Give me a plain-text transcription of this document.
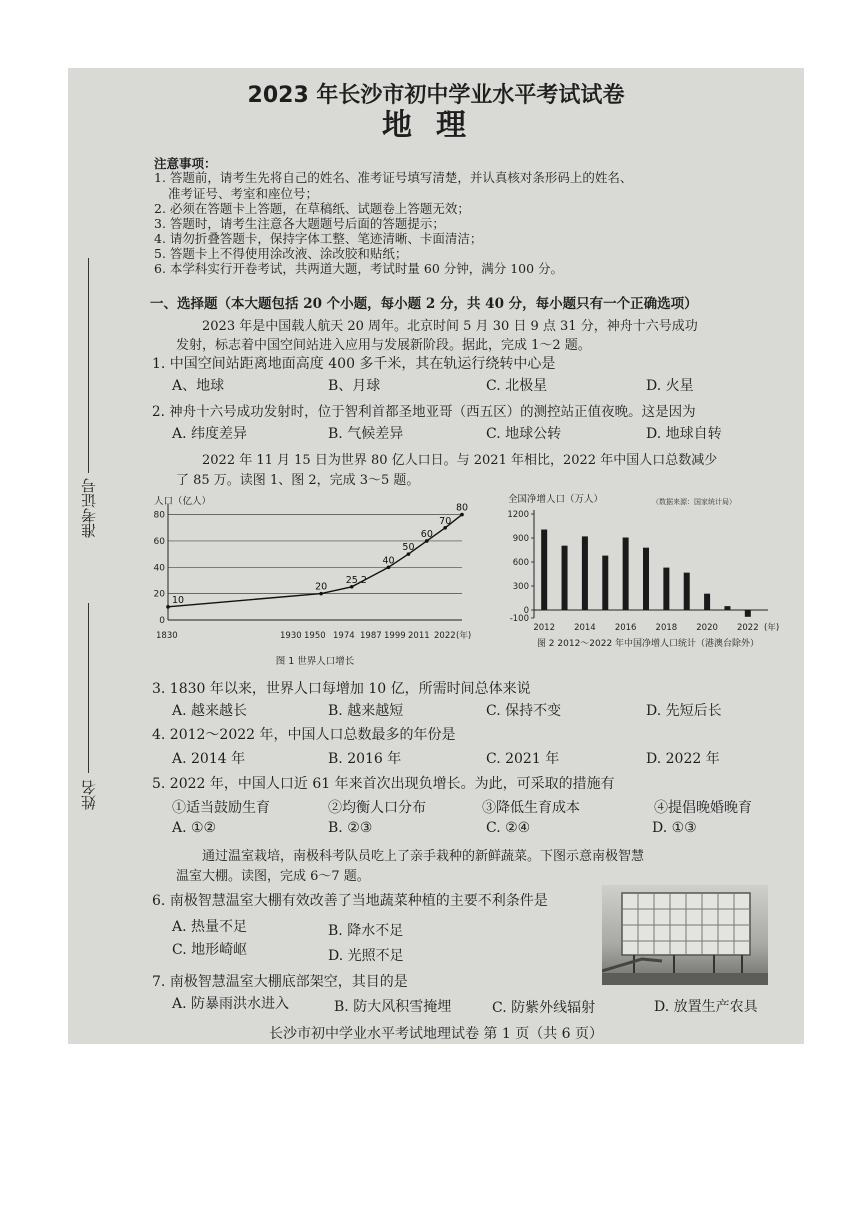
2023 年长沙市初中学业水平考试试卷
地理
准考证号
姓名
注意事项：
1. 答题前，请考生先将自己的姓名、准考证号填写清楚，并认真核对条形码上的姓名、
准考证号、考室和座位号；
2. 必须在答题卡上答题，在草稿纸、试题卷上答题无效；
3. 答题时，请考生注意各大题题号后面的答题提示；
4. 请勿折叠答题卡，保持字体工整、笔迹清晰、卡面清洁；
5. 答题卡上不得使用涂改液、涂改胶和贴纸；
6. 本学科实行开卷考试，共两道大题，考试时量 60 分钟，满分 100 分。
一、选择题（本大题包括 20 个小题，每小题 2 分，共 40 分，每小题只有一个正确选项）
2023 年是中国载人航天 20 周年。北京时间 5 月 30 日 9 点 31 分，神舟十六号成功
发射，标志着中国空间站进入应用与发展新阶段。据此，完成 1～2 题。
1. 中国空间站距离地面高度 400 多千米，其在轨运行绕转中心是
A、地球	B、月球	C. 北极星	D. 火星
2. 神舟十六号成功发射时，位于智利首都圣地亚哥（西五区）的测控站正值夜晚。这是因为
A. 纬度差异	B. 气候差异	C. 地球公转	D. 地球自转
2022 年 11 月 15 日为世界 80 亿人口日。与 2021 年相比，2022 年中国人口总数减少
了 85 万。读图 1、图 2，完成 3～5 题。
人口（亿人）
0
20
40
60
80
1830	1930 1950 1974 1987 1999 2011 2022 (年)
10
20
25.2
40
50
60
70
80
图 1 世界人口增长
全国净增人口（万人）	（数据来源：国家统计局）
-100
0
300
600
900
1200
2012 2014 2016 2018 2020 2022 (年)
图 2 2012～2022 年中国净增人口统计（港澳台除外）
3. 1830 年以来，世界人口每增加 10 亿，所需时间总体来说
A. 越来越长	B. 越来越短	C. 保持不变	D. 先短后长
4. 2012～2022 年，中国人口总数最多的年份是
A. 2014 年	B. 2016 年	C. 2021 年	D. 2022 年
5. 2022 年，中国人口近 61 年来首次出现负增长。为此，可采取的措施有
①适当鼓励生育	②均衡人口分布	③降低生育成本	④提倡晚婚晚育
A. ①②	B. ②③	C. ②④	D. ①③
通过温室栽培，南极科考队员吃上了亲手栽种的新鲜蔬菜。下图示意南极智慧
温室大棚。读图，完成 6～7 题。
6. 南极智慧温室大棚有效改善了当地蔬菜种植的主要不利条件是
A. 热量不足	B. 降水不足
C. 地形崎岖	D. 光照不足
7. 南极智慧温室大棚底部架空，其目的是
A. 防暴雨洪水进入	B. 防大风积雪掩埋	C. 防紫外线辐射	D. 放置生产农具
长沙市初中学业水平考试地理试卷 第 1 页（共 6 页）
